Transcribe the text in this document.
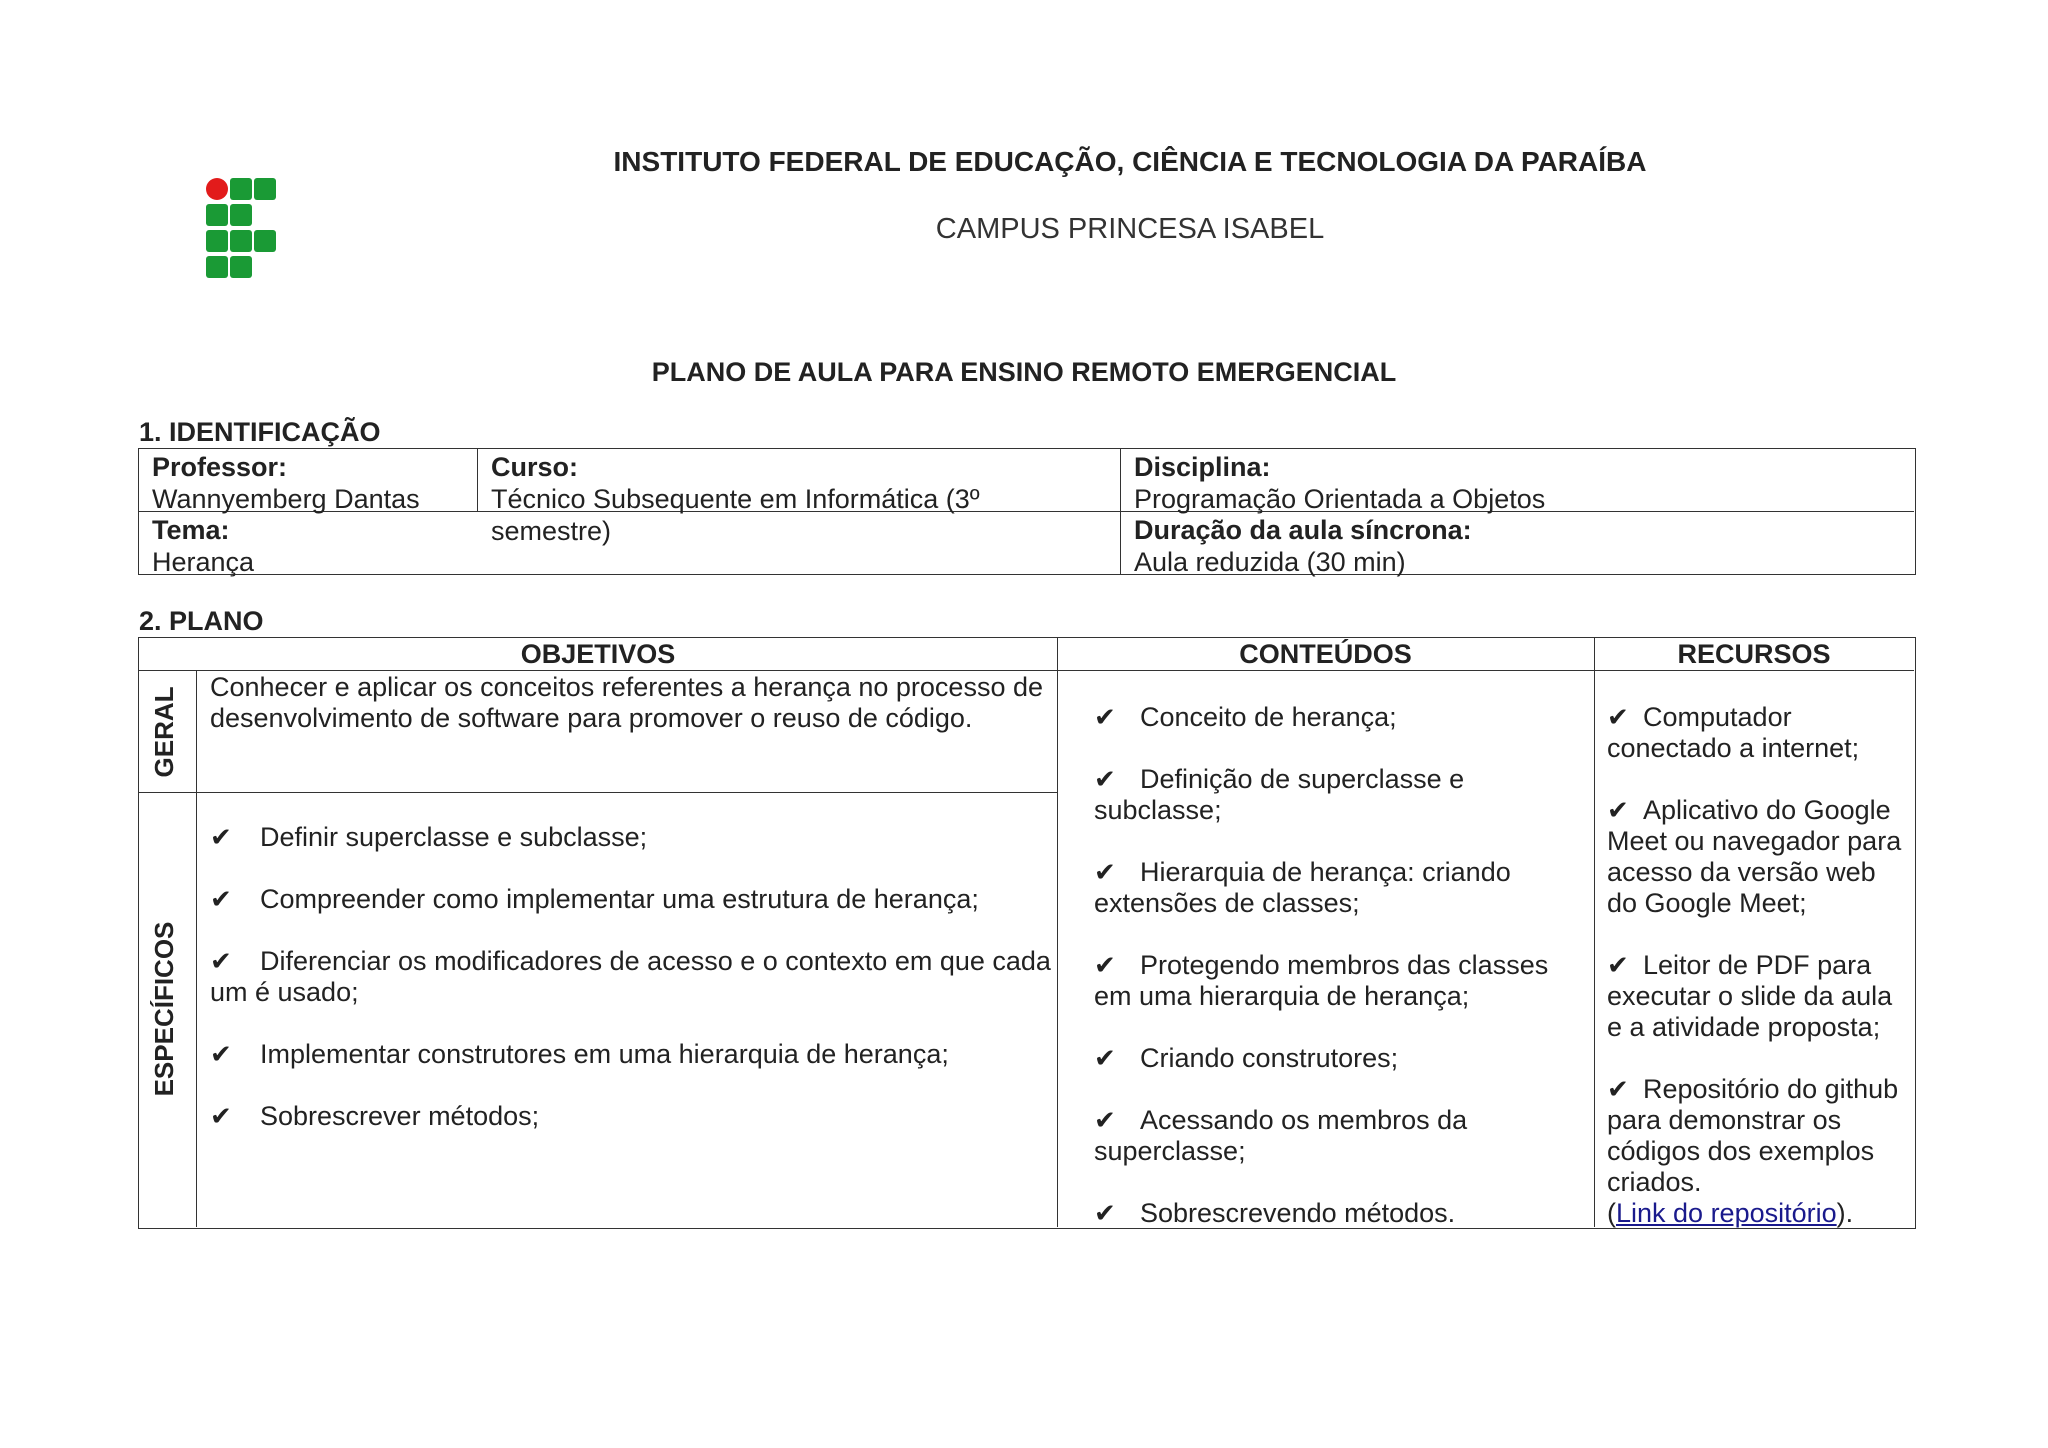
INSTITUTO FEDERAL DE EDUCAÇÃO, CIÊNCIA E TECNOLOGIA DA PARAÍBA
CAMPUS PRINCESA ISABEL
PLANO DE AULA PARA ENSINO REMOTO EMERGENCIAL
1. IDENTIFICAÇÃO
Professor:
Wannyemberg Dantas
Curso:
Técnico Subsequente em Informática (3º semestre)
Disciplina:
Programação Orientada a Objetos
Tema:
Herança
Duração da aula síncrona:
Aula reduzida (30 min)
2. PLANO
OBJETIVOS	CONTEÚDOS	RECURSOS
GERAL
ESPECÍFICOS
Conhecer e aplicar os conceitos referentes a herança no processo de desenvolvimento de software para promover o reuso de código.
✔ Definir superclasse e subclasse;
✔ Compreender como implementar uma estrutura de herança;
✔ Diferenciar os modificadores de acesso e o contexto em que cada um é usado;
✔ Implementar construtores em uma hierarquia de herança;
✔ Sobrescrever métodos;
✔ Conceito de herança;
✔ Definição de superclasse e subclasse;
✔ Hierarquia de herança: criando extensões de classes;
✔ Protegendo membros das classes em uma hierarquia de herança;
✔ Criando construtores;
✔ Acessando os membros da superclasse;
✔ Sobrescrevendo métodos.
✔ Computador conectado a internet;
✔ Aplicativo do Google Meet ou navegador para acesso da versão web do Google Meet;
✔ Leitor de PDF para executar o slide da aula e a atividade proposta;
✔ Repositório do github para demonstrar os códigos dos exemplos criados.
(Link do repositório).
